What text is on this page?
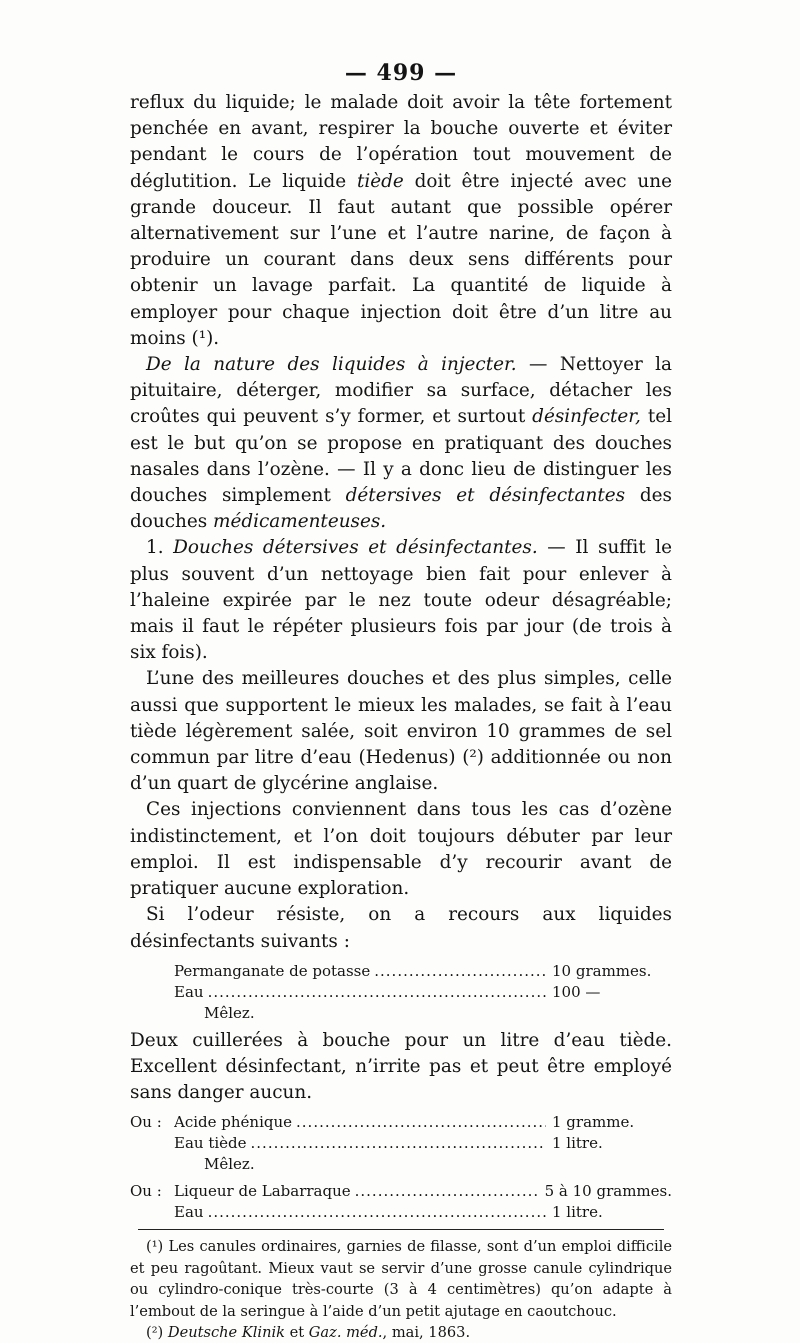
— 499 —

reflux du liquide; le malade doit avoir la tête fortement penchée en avant, respirer la bouche ouverte et éviter pendant le cours de l’opération tout mouvement de déglutition. Le liquide tiède doit être injecté avec une grande douceur. Il faut autant que possible opérer alternativement sur l’une et l’autre narine, de façon à produire un courant dans deux sens différents pour obtenir un lavage parfait. La quantité de liquide à employer pour chaque injection doit être d’un litre au moins (¹).

De la nature des liquides à injecter. — Nettoyer la pituitaire, déterger, modifier sa surface, détacher les croûtes qui peuvent s’y former, et surtout désinfecter, tel est le but qu’on se propose en pratiquant des douches nasales dans l’ozène. — Il y a donc lieu de distinguer les douches simplement détersives et désinfectantes des douches médicamenteuses.

1. Douches détersives et désinfectantes. — Il suffit le plus souvent d’un nettoyage bien fait pour enlever à l’haleine expirée par le nez toute odeur désagréable; mais il faut le répéter plusieurs fois par jour (de trois à six fois).

L’une des meilleures douches et des plus simples, celle aussi que supportent le mieux les malades, se fait à l’eau tiède légèrement salée, soit environ 10 grammes de sel commun par litre d’eau (Hedenus) (²) additionnée ou non d’un quart de glycérine anglaise.

Ces injections conviennent dans tous les cas d’ozène indistinctement, et l’on doit toujours débuter par leur emploi. Il est indispensable d’y recourir avant de pratiquer aucune exploration.

Si l’odeur résiste, on a recours aux liquides désinfectants suivants :

Permanganate de potasse .....	10 grammes.
Eau .....	100 —
Mêlez.

Deux cuillerées à bouche pour un litre d’eau tiède. Excellent désinfectant, n’irrite pas et peut être employé sans danger aucun.

Ou : Acide phénique .....	1 gramme.
Eau tiède .....	1 litre.
Mêlez.
Ou : Liqueur de Labarraque .....	5 à 10 grammes.
Eau .....	1 litre.

(¹) Les canules ordinaires, garnies de filasse, sont d’un emploi difficile et peu ragoûtant. Mieux vaut se servir d’une grosse canule cylindrique ou cylindro-conique très-courte (3 à 4 centimètres) qu’on adapte à l’embout de la seringue à l’aide d’un petit ajutage en caoutchouc.

(²) Deutsche Klinik et Gaz. méd., mai, 1863.
